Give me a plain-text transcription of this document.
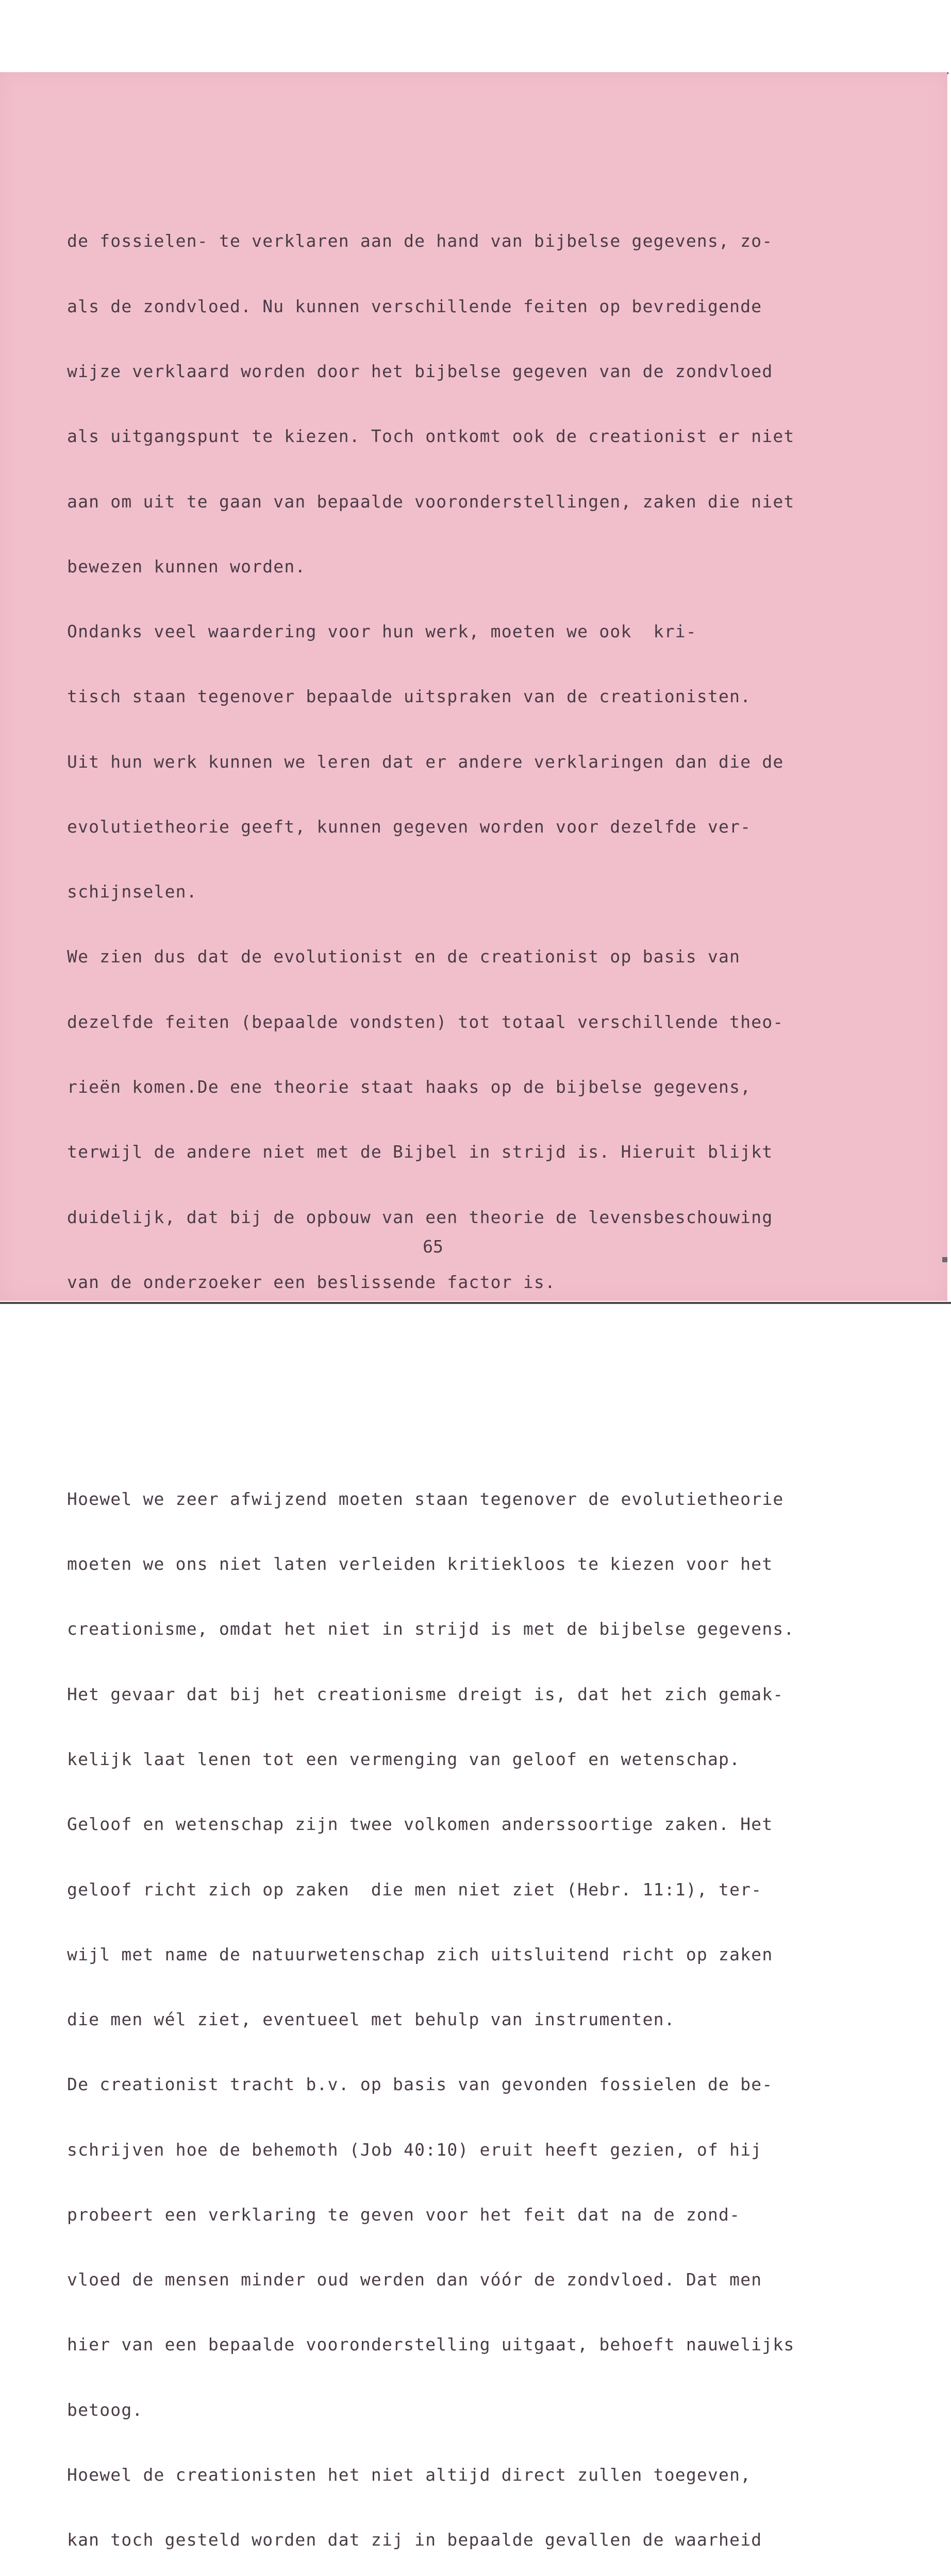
de fossielen- te verklaren aan de hand van bijbelse gegevens, zo-

als de zondvloed. Nu kunnen verschillende feiten op bevredigende

wijze verklaard worden door het bijbelse gegeven van de zondvloed

als uitgangspunt te kiezen. Toch ontkomt ook de creationist er niet

aan om uit te gaan van bepaalde vooronderstellingen, zaken die niet

bewezen kunnen worden.

Ondanks veel waardering voor hun werk, moeten we ook  kri-

tisch staan tegenover bepaalde uitspraken van de creationisten.

Uit hun werk kunnen we leren dat er andere verklaringen dan die de

evolutietheorie geeft, kunnen gegeven worden voor dezelfde ver-

schijnselen.

We zien dus dat de evolutionist en de creationist op basis van

dezelfde feiten (bepaalde vondsten) tot totaal verschillende theo-

rieën komen.De ene theorie staat haaks op de bijbelse gegevens,

terwijl de andere niet met de Bijbel in strijd is. Hieruit blijkt

duidelijk, dat bij de opbouw van een theorie de levensbeschouwing

van de onderzoeker een beslissende factor is.

Hoewel we zeer afwijzend moeten staan tegenover de evolutietheorie

moeten we ons niet laten verleiden kritiekloos te kiezen voor het

creationisme, omdat het niet in strijd is met de bijbelse gegevens.

Het gevaar dat bij het creationisme dreigt is, dat het zich gemak-

kelijk laat lenen tot een vermenging van geloof en wetenschap.

Geloof en wetenschap zijn twee volkomen anderssoortige zaken. Het

geloof richt zich op zaken  die men niet ziet (Hebr. 11:1), ter-

wijl met name de natuurwetenschap zich uitsluitend richt op zaken

die men wél ziet, eventueel met behulp van instrumenten.

De creationist tracht b.v. op basis van gevonden fossielen de be-

schrijven hoe de behemoth (Job 40:10) eruit heeft gezien, of hij

probeert een verklaring te geven voor het feit dat na de zond-

vloed de mensen minder oud werden dan vóór de zondvloed. Dat men

hier van een bepaalde vooronderstelling uitgaat, behoeft nauwelijks

betoog.

Hoewel de creationisten het niet altijd direct zullen toegeven,

kan toch gesteld worden dat zij in bepaalde gevallen de waarheid

65
